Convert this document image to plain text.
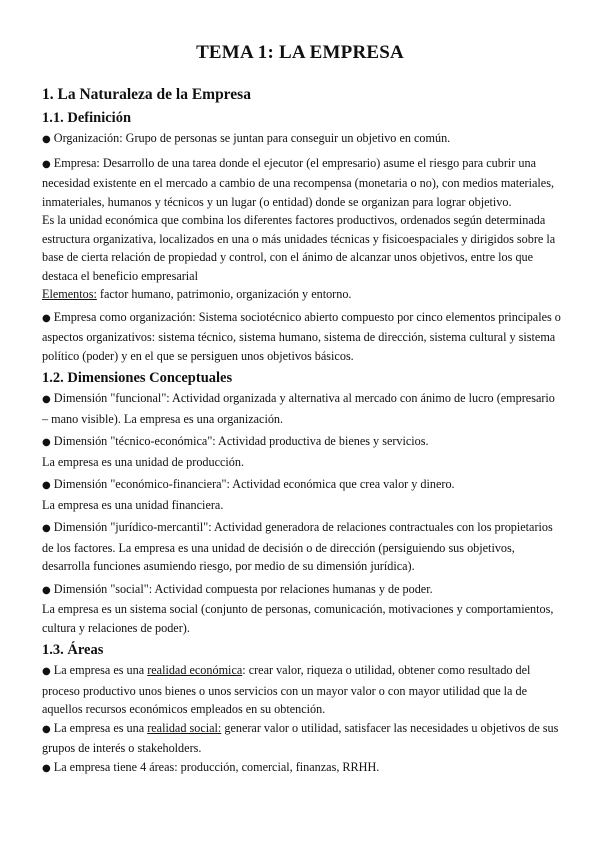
TEMA 1: LA EMPRESA
1. La Naturaleza de la Empresa
1.1. Definición

● Organización: Grupo de personas se juntan para conseguir un objetivo en común.

● Empresa: Desarrollo de una tarea donde el ejecutor (el empresario) asume el riesgo para cubrir una necesidad existente en el mercado a cambio de una recompensa (monetaria o no), con medios materiales, inmateriales, humanos y técnicos y un lugar (o entidad) donde se organizan para lograr objetivo.

Es la unidad económica que combina los diferentes factores productivos, ordenados según determinada estructura organizativa, localizados en una o más unidades técnicas y fisicoespaciales y dirigidos sobre la base de cierta relación de propiedad y control, con el ánimo de alcanzar unos objetivos, entre los que destaca el beneficio empresarial

Elementos: factor humano, patrimonio, organización y entorno.

● Empresa como organización: Sistema sociotécnico abierto compuesto por cinco elementos principales o aspectos organizativos: sistema técnico, sistema humano, sistema de dirección, sistema cultural y sistema político (poder) y en el que se persiguen unos objetivos básicos.

1.2. Dimensiones Conceptuales

● Dimensión "funcional": Actividad organizada y alternativa al mercado con ánimo de lucro (empresario – mano visible). La empresa es una organización.

● Dimensión "técnico-económica": Actividad productiva de bienes y servicios.

La empresa es una unidad de producción.

● Dimensión "económico-financiera": Actividad económica que crea valor y dinero.

La empresa es una unidad financiera.

● Dimensión "jurídico-mercantil": Actividad generadora de relaciones contractuales con los propietarios de los factores. La empresa es una unidad de decisión o de dirección (persiguiendo sus objetivos, desarrolla funciones asumiendo riesgo, por medio de su dimensión jurídica).

● Dimensión "social": Actividad compuesta por relaciones humanas y de poder.

La empresa es un sistema social (conjunto de personas, comunicación, motivaciones y comportamientos, cultura y relaciones de poder).

1.3. Áreas

● La empresa es una realidad económica: crear valor, riqueza o utilidad, obtener como resultado del proceso productivo unos bienes o unos servicios con un mayor valor o con mayor utilidad que la de aquellos recursos económicos empleados en su obtención.

● La empresa es una realidad social: generar valor o utilidad, satisfacer las necesidades u objetivos de sus grupos de interés o stakeholders.

● La empresa tiene 4 áreas: producción, comercial, finanzas, RRHH.
